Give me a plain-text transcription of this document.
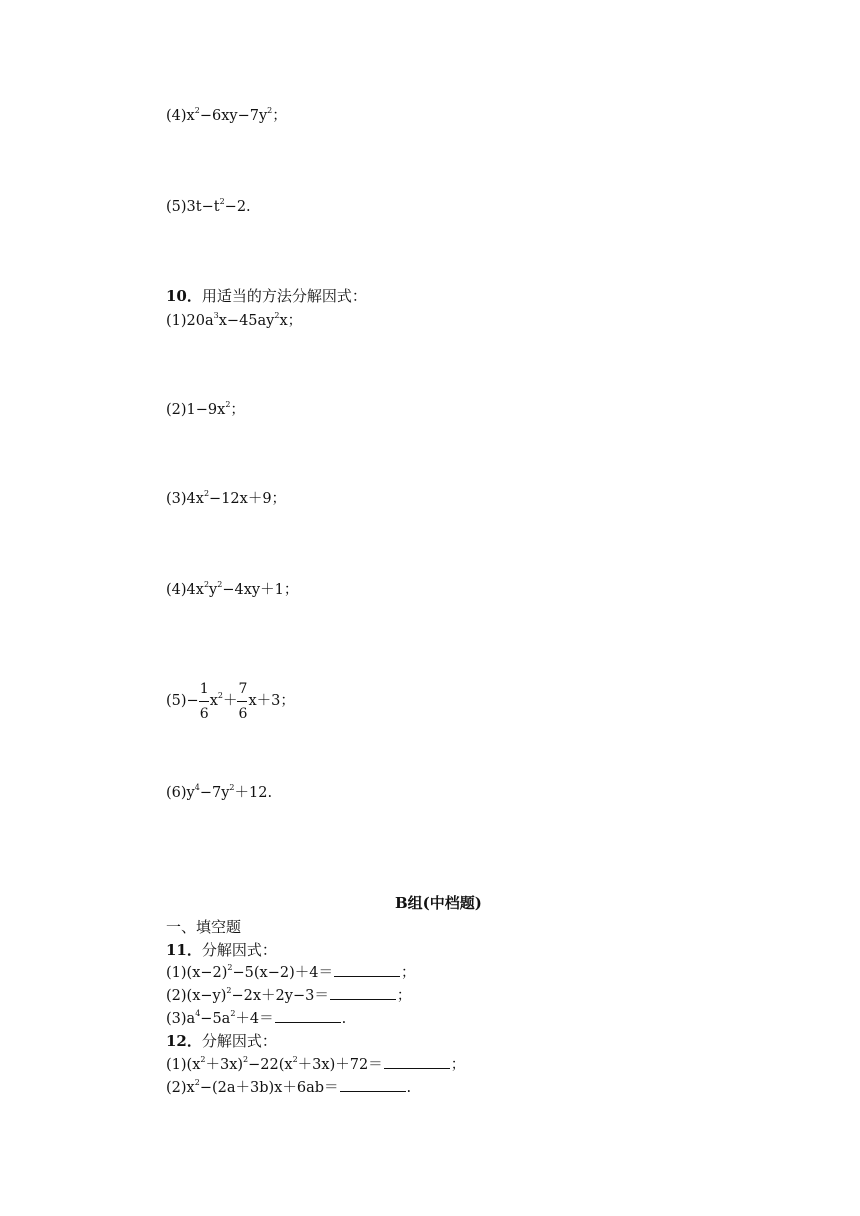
$(4)x^2-6xy-7y^2$；
$(5)3t-t^2-2$.
10．用适当的方法分解因式：
$(1)20a^3x-45ay^2x$；
$(2)1-9x^2$；
$(3)4x^2-12x+9$；
$(4)4x^2y^2-4xy+1$；
$(5)- \frac{1}{6} x^2+ \frac{7}{6} x+3$；
$(6)y^4-7y^2+12$.
B组(中档题)
一、填空题
11．分解因式：
$(1)(x-2)^2-5(x-2)+4=$	；
$(2)(x-y)^2-2x+2y-3=$	；
$(3)a^4-5a^2+4=$	.
12．分解因式：
$(1)(x^2+3x)^2-22(x^2+3x)+72=$	；
$(2)x^2-(2a+3b)x+6ab=$	.
